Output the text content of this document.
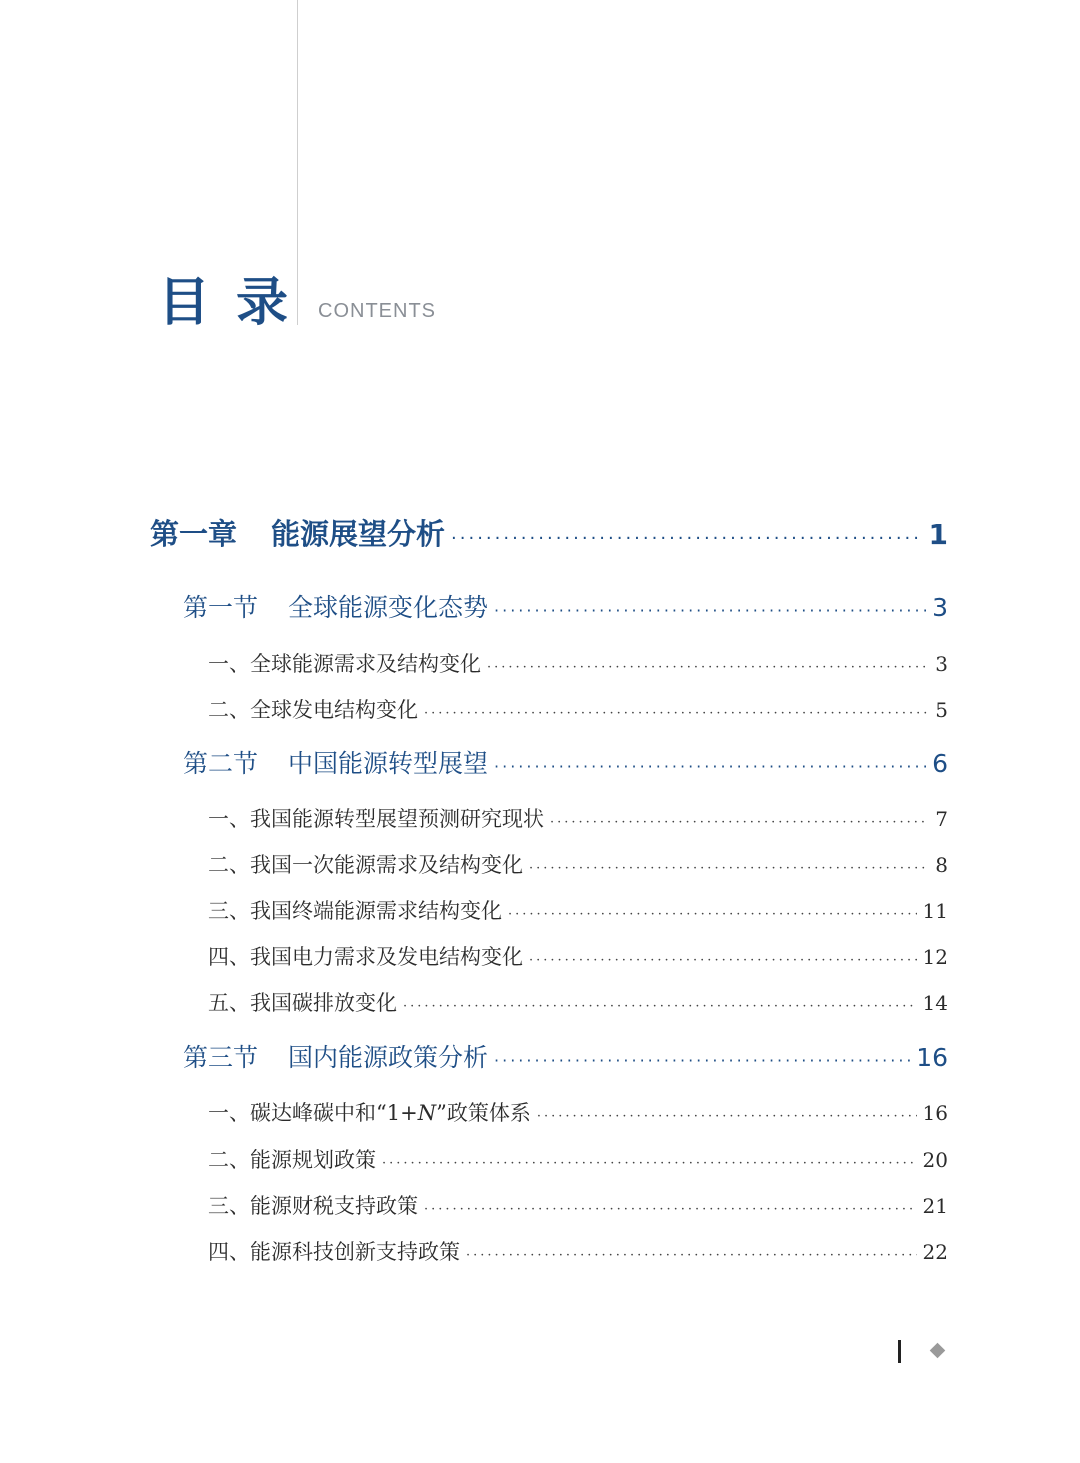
目录 CONTENTS
第一章 能源展望分析 ·····	1
第一节 全球能源变化态势 ·····	3
一、全球能源需求及结构变化 ·····	3
二、全球发电结构变化 ·····	5
第二节 中国能源转型展望 ·····	6
一、我国能源转型展望预测研究现状 ·····	7
二、我国一次能源需求及结构变化 ·····	8
三、我国终端能源需求结构变化 ·····	11
四、我国电力需求及发电结构变化 ·····	12
五、我国碳排放变化 ·····	14
第三节 国内能源政策分析 ·····	16
一、碳达峰碳中和“1+N”政策体系 ·····	16
二、能源规划政策 ·····	20
三、能源财税支持政策 ·····	21
四、能源科技创新支持政策 ·····	22
